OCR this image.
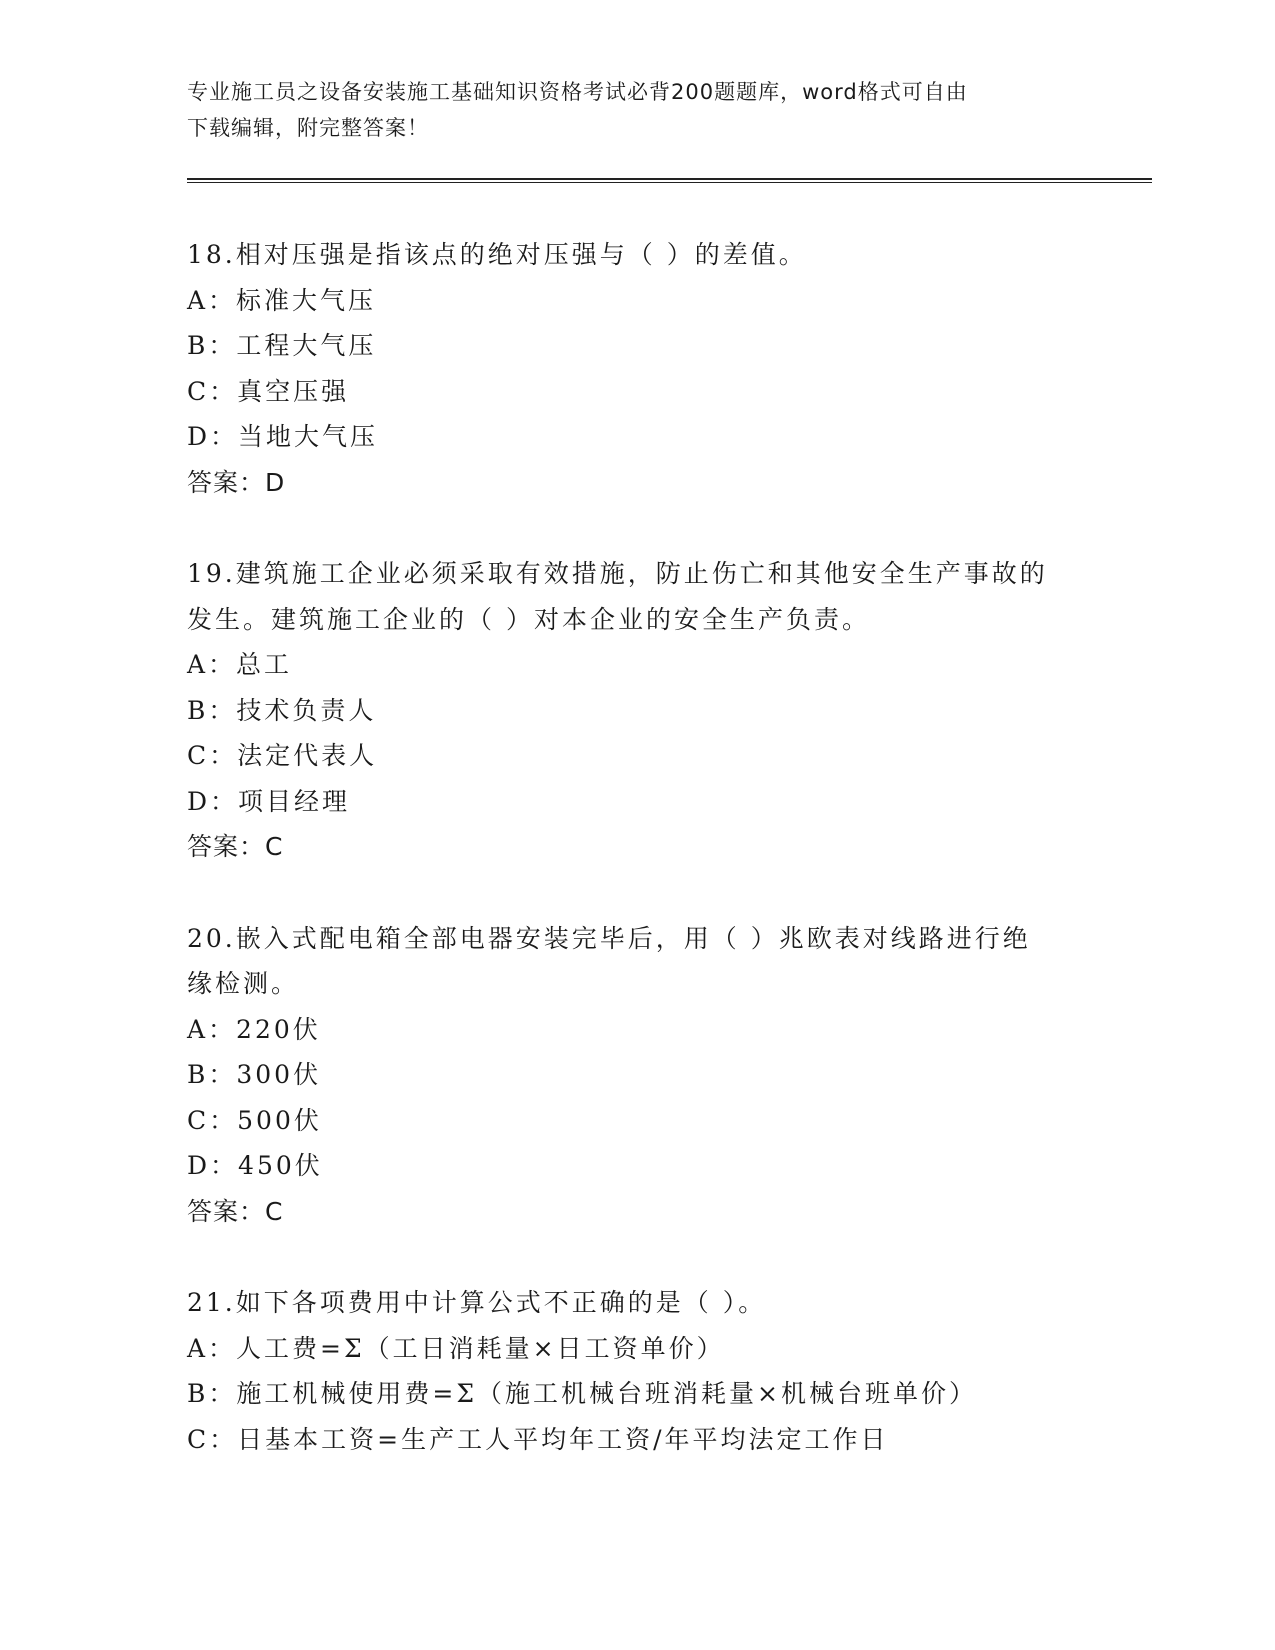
专业施工员之设备安装施工基础知识资格考试必背200题题库，word格式可自由
下载编辑，附完整答案！

18.相对压强是指该点的绝对压强与（ ）的差值。

A：标准大气压

B：工程大气压

C：真空压强

D：当地大气压

答案：D

19.建筑施工企业必须采取有效措施，防止伤亡和其他安全生产事故的

发生。建筑施工企业的（ ）对本企业的安全生产负责。

A：总工

B：技术负责人

C：法定代表人

D：项目经理

答案：C

20.嵌入式配电箱全部电器安装完毕后，用（ ）兆欧表对线路进行绝

缘检测。

A：220伏

B：300伏

C：500伏

D：450伏

答案：C

21.如下各项费用中计算公式不正确的是（ ）。

A：人工费=Σ（工日消耗量×日工资单价）

B：施工机械使用费=Σ（施工机械台班消耗量×机械台班单价）

C：日基本工资=生产工人平均年工资/年平均法定工作日
